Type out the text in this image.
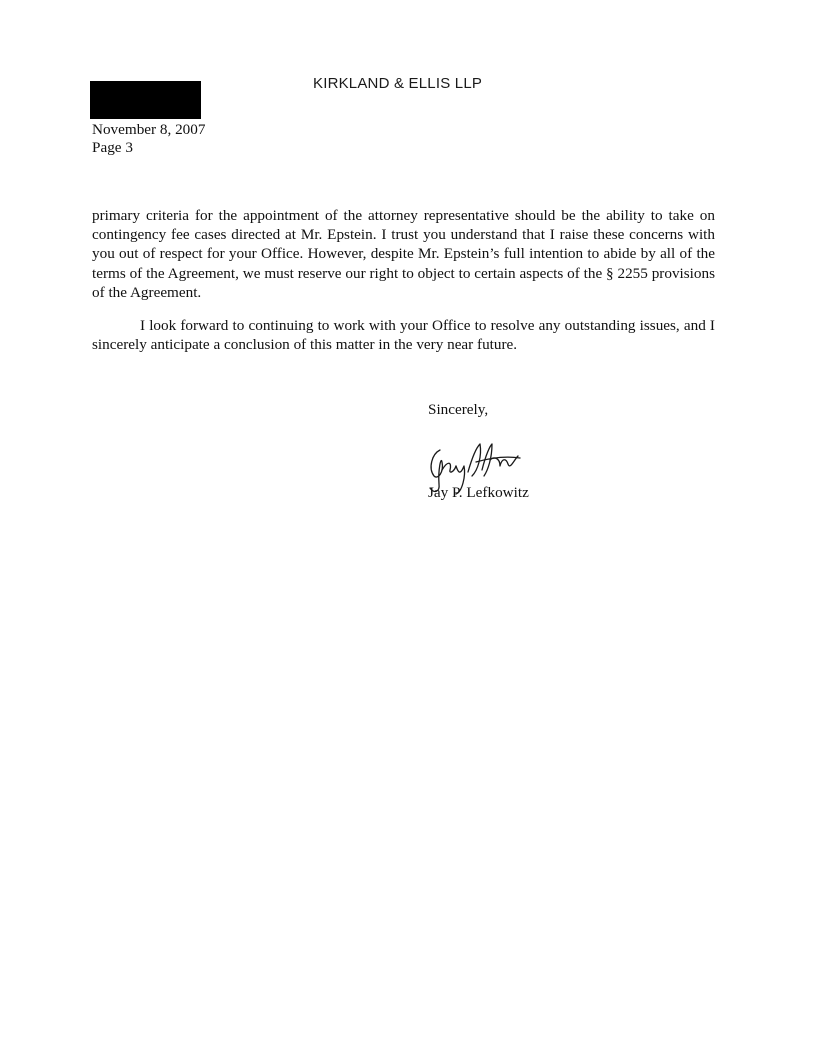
KIRKLAND & ELLIS LLP
November 8, 2007
Page 3

primary criteria for the appointment of the attorney representative should be the ability to take on contingency fee cases directed at Mr. Epstein. I trust you understand that I raise these concerns with you out of respect for your Office. However, despite Mr. Epstein’s full intention to abide by all of the terms of the Agreement, we must reserve our right to object to certain aspects of the § 2255 provisions of the Agreement.

I look forward to continuing to work with your Office to resolve any outstanding issues, and I sincerely anticipate a conclusion of this matter in the very near future.

Sincerely,
Jay P. Lefkowitz
